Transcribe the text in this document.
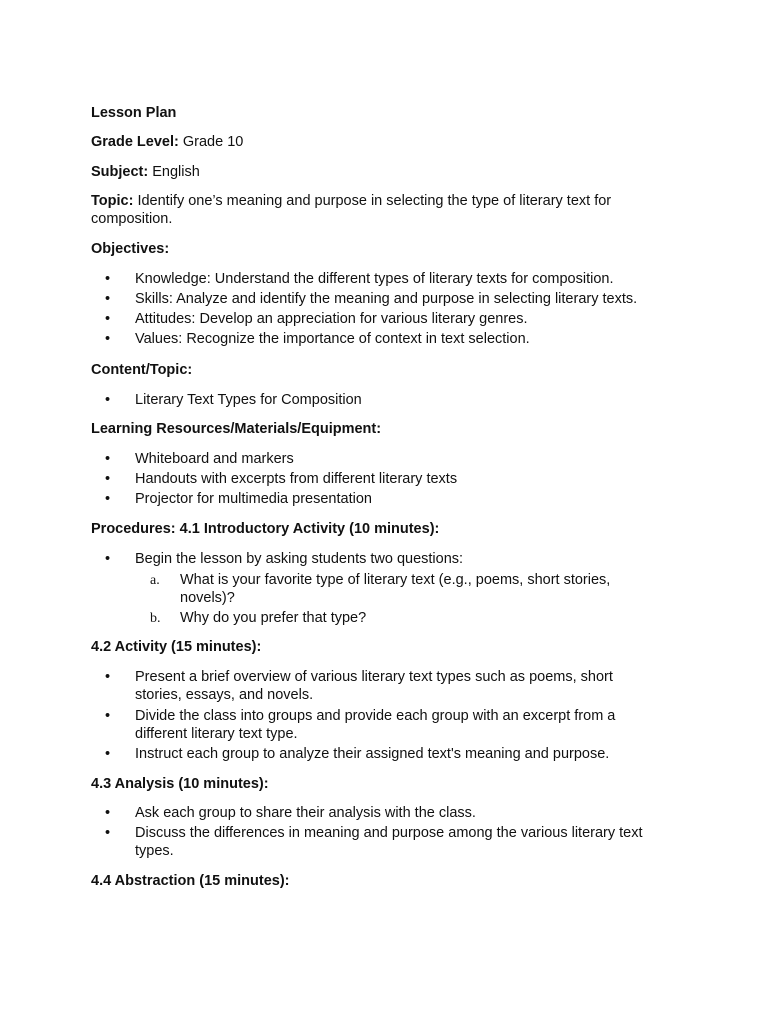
Lesson Plan
Grade Level: Grade 10
Subject: English
Topic: Identify one’s meaning and purpose in selecting the type of literary text for
composition.
Objectives:
• Knowledge: Understand the different types of literary texts for composition.
• Skills: Analyze and identify the meaning and purpose in selecting literary texts.
• Attitudes: Develop an appreciation for various literary genres.
• Values: Recognize the importance of context in text selection.
Content/Topic:
• Literary Text Types for Composition
Learning Resources/Materials/Equipment:
• Whiteboard and markers
• Handouts with excerpts from different literary texts
• Projector for multimedia presentation
Procedures: 4.1 Introductory Activity (10 minutes):
• Begin the lesson by asking students two questions:
a. What is your favorite type of literary text (e.g., poems, short stories, novels)?
b. Why do you prefer that type?
4.2 Activity (15 minutes):
• Present a brief overview of various literary text types such as poems, short stories, essays, and novels.
• Divide the class into groups and provide each group with an excerpt from a different literary text type.
• Instruct each group to analyze their assigned text's meaning and purpose.
4.3 Analysis (10 minutes):
• Ask each group to share their analysis with the class.
• Discuss the differences in meaning and purpose among the various literary text types.
4.4 Abstraction (15 minutes):
